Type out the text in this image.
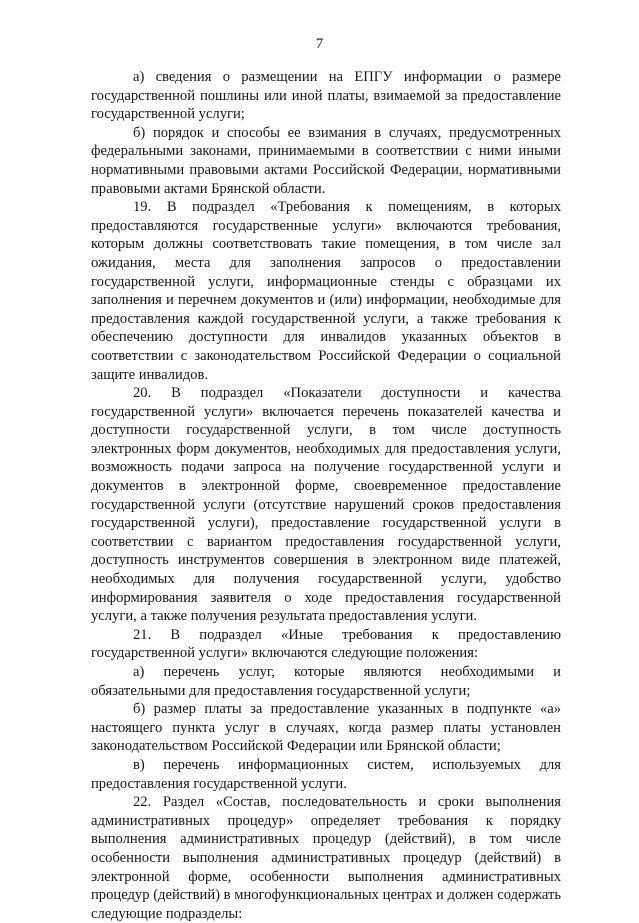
7

а) сведения о размещении на ЕПГУ информации о размере государственной пошлины или иной платы, взимаемой за предоставление государственной услуги;

б) порядок и способы ее взимания в случаях, предусмотренных федеральными законами, принимаемыми в соответствии с ними иными нормативными правовыми актами Российской Федерации, нормативными правовыми актами Брянской области.

19. В подраздел «Требования к помещениям, в которых предоставляются государственные услуги» включаются требования, которым должны соответствовать такие помещения, в том числе зал ожидания, места для заполнения запросов о предоставлении государственной услуги, информационные стенды с образцами их заполнения и перечнем документов и (или) информации, необходимые для предоставления каждой государственной услуги, а также требования к обеспечению доступности для инвалидов указанных объектов в соответствии с законодательством Российской Федерации о социальной защите инвалидов.

20. В подраздел «Показатели доступности и качества государственной услуги» включается перечень показателей качества и доступности государственной услуги, в том числе доступность электронных форм документов, необходимых для предоставления услуги, возможность подачи запроса на получение государственной услуги и документов в электронной форме, своевременное предоставление государственной услуги (отсутствие нарушений сроков предоставления государственной услуги), предоставление государственной услуги в соответствии с вариантом предоставления государственной услуги, доступность инструментов совершения в электронном виде платежей, необходимых для получения государственной услуги, удобство информирования заявителя о ходе предоставления государственной услуги, а также получения результата предоставления услуги.

21. В подраздел «Иные требования к предоставлению государственной услуги» включаются следующие положения:

а) перечень услуг, которые являются необходимыми и обязательными для предоставления государственной услуги;

б) размер платы за предоставление указанных в подпункте «а» настоящего пункта услуг в случаях, когда размер платы установлен законодательством Российской Федерации или Брянской области;

в) перечень информационных систем, используемых для предоставления государственной услуги.

22. Раздел «Состав, последовательность и сроки выполнения административных процедур» определяет требования к порядку выполнения административных процедур (действий), в том числе особенности выполнения административных процедур (действий) в электронной форме, особенности выполнения административных процедур (действий) в многофункциональных центрах и должен содержать следующие подразделы:
